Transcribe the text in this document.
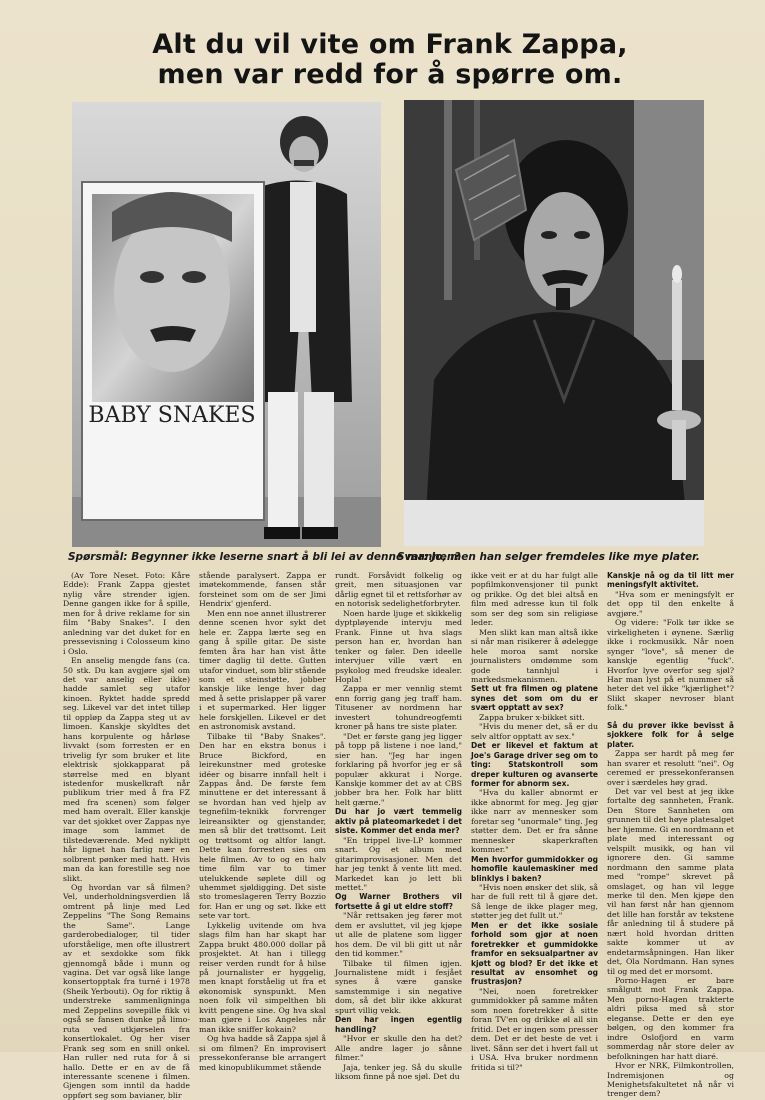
Alt du vil vite om Frank Zappa,
men var redd for å spørre om.
BABY SNAKES
Spørsmål: Begynner ikke leserne snart å bli lei av denne mannen?
Svar: Jo, men han selger fremdeles like mye plater.

(Av Tore Neset. Foto: Kåre Edde): Frank Zappa gjestet nylig våre strender igjen. Denne gangen ikke for å spille, men for å drive reklame for sin film "Baby Snakes". I den anledning var det duket for en pressevisning i Colosseum kino i Oslo.

En anselig mengde fans (ca. 50 stk. Du kan avgjøre sjøl om det var anselig eller ikke) hadde samlet seg utafor kinoen. Ryktet hadde spredd seg. Likevel var det intet tilløp til oppløp da Zappa steg ut av limoen. Kanskje skyldtes det hans korpulente og hårløse livvakt (som forresten er en trivelig fyr som bruker et lite elektrisk sjokkapparat på størrelse med en blyant istedenfor muskelkraft når publikum trier med å fra FZ med fra scenen) som følger med ham overalt. Eller kanskje var det sjokket over Zappas nye image som lammet de tilstedeværende. Med nykliptt hår lignet han farlig nær en solbrent pønker med hatt. Hvis man da kan forestille seg noe slikt.

Og hvordan var så filmen? Vel, underholdningsverdien lå omtrent på linje med Led Zeppelins "The Song Remains the Same". Lange garderobedialoger, til tider uforståelige, men ofte illustrert av et sexdokke som fikk gjennomgå både i munn og vagina. Det var også like lange konsertopptak fra turné i 1978 (Sheik Yerbouti). Og for riktig å understreke sammenligninga med Zeppelins sovepille fikk vi også se fansen dunke på limo-ruta ved utkjørselen fra konsertlokalet. Og her viser Frank seg som en snill onkel. Han ruller ned ruta for å si hallo. Dette er en av de få interessante scenene i filmen. Gjengen som inntil da hadde oppført seg som bavianer, blir

stående paralysert. Zappa er imøtekommende, fansen står forsteinet som om de ser Jimi Hendrix' gjenferd.

Men enn noe annet illustrerer denne scenen hvor sykt det hele er. Zappa lærte seg en gang å spille gitar. De siste femten åra har han vist åtte timer daglig til dette. Gutten utafor vinduet, som blir stående som et steinstøtte, jobber kanskje like lenge hver dag med å sette prislapper på varer i et supermarked. Her ligger hele forskjellen. Likevel er det en astronomisk avstand.

Tilbake til "Baby Snakes". Den har en ekstra bonus i Bruce Bickford, en leirekunstner med groteske idéer og bisarre innfall helt i Zappas ånd. De første fem minuttene er det interessant å se hvordan han ved hjelp av tegnefilm-teknikk forvrenger leireansikter og gjenstander, men så blir det trøttsomt. Leit og trøttsomt og altfor langt. Dette kan forresten sies om hele filmen. Av to og en halv time film var to timer utelukkende søplete dill og uhemmet sjøldigging. Det siste sto tromeslageren Terry Bozzio for. Han er ung og søt. Ikke ett sete var tort.

Lykkelig uvitende om hva slags film han har skapt har Zappa brukt 480.000 dollar på prosjektet. At han i tillegg reiser verden rundt for å hilse på journalister er hyggelig, men knapt forståelig ut fra et økonomisk synspunkt. Men noen folk vil simpelthen bli kvitt pengene sine. Og hva skal man gjøre i Los Angeles når man ikke sniffer kokain?

Og hva hadde så Zappa sjøl å si om filmen? En improvisert pressekonferanse ble arrangert med kinopublikummet stående

rundt. Forsåvidt folkelig og greit, men situasjonen var dårlig egnet til et rettsforhør av en notorisk sedelighetforbryter.

Noen harde ljuge et skikkelig dyptpløyende intervju med Frank. Finne ut hva slags person han er, hvordan han tenker og føler. Den ideelle intervjuer ville vært en psykolog med freudske idealer. Hopla!

Zappa er mer vennlig stemt enn forrig gang jeg traff ham. Titusener av nordmenn har investert tohundreogfemti kroner på hans tre siste plater.

"Det er første gang jeg ligger på topp på listene i noe land," sier han. "Jeg har ingen forklaring på hvorfor jeg er så populær akkurat i Norge. Kanskje kommer det av at CBS jobber bra her. Folk har blitt helt gærne."

Du har jo vært temmelig aktiv på plateomarkedet i det siste. Kommer det enda mer?

"En trippel live-LP kommer snart. Og et album med gitarimprovisasjoner. Men det har jeg tenkt å vente litt med. Markedet kan jo lett bli mettet."

Og Warner Brothers vil fortsette å gi ut eldre stoff?

"Når rettsaken jeg fører mot dem er avsluttet, vil jeg kjøpe ut alle de platene som ligger hos dem. De vil bli gitt ut når den tid kommer."

Tilbake til filmen igjen. Journalistene midt i fesjået synes å være ganske samstemmige i sin negative dom, så det blir ikke akkurat spurt villig vekk.

Den har ingen egentlig handling?

"Hvor er skulle den ha det? Alle andre lager jo sånne filmer."

Jaja, tenker jeg. Så du skulle liksom finne på noe sjøl. Det du

ikke veit er at du har fulgt alle popfilmkonvensjoner til punkt og prikke. Og det blei altså en film med adresse kun til folk som ser deg som sin religiøse leder.

Men slikt kan man altså ikke si når man risikerer å ødelegge hele moroa samt norske journalisters omdømme som gode tannhjul i markedsmekanismen.

Sett ut fra filmen og platene synes det som om du er svært opptatt av sex?

Zappa bruker x-bikket sitt.

"Hvis du mener det, så er du selv altfor opptatt av sex."

Det er likevel et faktum at Joe's Garage driver seg om to ting: Statskontroll som dreper kulturen og avanserte former for abnorm sex.

"Hva du kaller abnormt er ikke abnormt for meg. Jeg gjør ikke narr av mennesker som foretar seg "unormale" ting. Jeg støtter dem. Det er fra sånne mennesker skaperkraften kommer."

Men hvorfor gummidokker og homofile kaulemaskiner med blinklys i baken?

"Hvis noen ønsker det slik, så har de full rett til å gjøre det. Så lenge de ikke plager meg, støtter jeg det fullt ut."

Men er det ikke sosiale forhold som gjør at noen foretrekker et gummidokke framfor en seksualpartner av kjøtt og blod? Er det ikke et resultat av ensomhet og frustrasjon?

"Nei, noen foretrekker gummidokker på samme måten som noen foretrekker å sitte foran TV'en og drikke øl all sin fritid. Det er ingen som presser dem. Det er det beste de vet i livet. Sånn ser det i hvert fall ut i USA. Hva bruker nordmenn fritida si til?"

Kanskje nå og da til litt mer meningsfylt aktivitet.

"Hva som er meningsfylt er det opp til den enkelte å avgjøre."

Og videre: "Folk tør ikke se virkeligheten i øynene. Særlig ikke i rockmusikk. Når noen synger "love", så mener de kanskje egentlig "fuck". Hvorfor lyve overfor seg sjøl? Har man lyst på et nummer så heter det vel ikke "kjærlighet"? Slikt skaper nevroser blant folk."

Så du prøver ikke bevisst å sjokkere folk for å selge plater.

Zappa ser hardt på meg før han svarer et resolutt "nei". Og ceremed er pressekonferansen over i særdeles høy grad.

Det var vel best at jeg ikke fortalte deg sannheten, Frank. Den Store Sannheten om grunnen til det høye platesalget her hjemme. Gi en nordmann et plate med interessant og velspilt musikk, og han vil ignorere den. Gi samme nordmann den samme plata med "rompe" skrevet på omslaget, og han vil legge merke til den. Men kjøpe den vil han først når han gjennom det lille han forstår av tekstene får anledning til å studere på nært hold hvordan dritten sakte kommer ut av endetarmsåpningen. Han liker det, Ola Nordmann. Han synes til og med det er morsomt.

Porno-Hagen er bare smålgutt mot Frank Zappa. Men porno-Hagen trakterte aldri piksa med så stor eleganse. Dette er den eye bølgen, og den kommer fra indre Oslofjord en varm sommerdag når store deler av befolkningen har hatt diaré.

Hvor er NRK, Filmkontrollen, Indremisjonen og Menighetsfakultetet nå når vi trenger dem?
